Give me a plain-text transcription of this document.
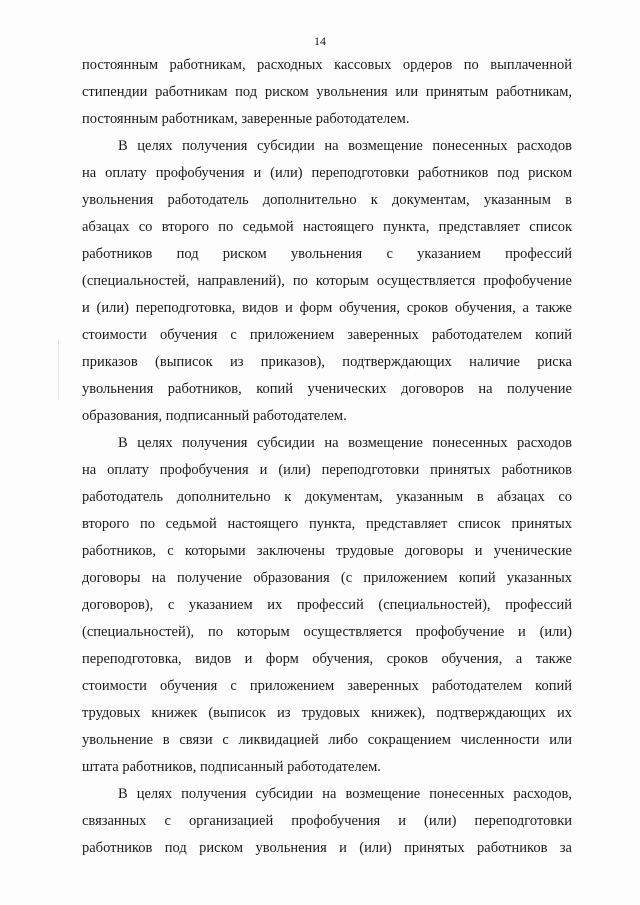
14

постоянным работникам, расходных кассовых ордеров по выплаченной

стипендии работникам под риском увольнения или принятым работникам,

постоянным работникам, заверенные работодателем.

В целях получения субсидии на возмещение понесенных расходов

на оплату профобучения и (или) переподготовки работников под риском

увольнения работодатель дополнительно к документам, указанным в

абзацах со второго по седьмой настоящего пункта, представляет список

работников под риском увольнения с указанием профессий

(специальностей, направлений), по которым осуществляется профобучение

и (или) переподготовка, видов и форм обучения, сроков обучения, а также

стоимости обучения с приложением заверенных работодателем копий

приказов (выписок из приказов), подтверждающих наличие риска

увольнения работников, копий ученических договоров на получение

образования, подписанный работодателем.

В целях получения субсидии на возмещение понесенных расходов

на оплату профобучения и (или) переподготовки принятых работников

работодатель дополнительно к документам, указанным в абзацах со

второго по седьмой настоящего пункта, представляет список принятых

работников, с которыми заключены трудовые договоры и ученические

договоры на получение образования (с приложением копий указанных

договоров), с указанием их профессий (специальностей), профессий

(специальностей), по которым осуществляется профобучение и (или)

переподготовка, видов и форм обучения, сроков обучения, а также

стоимости обучения с приложением заверенных работодателем копий

трудовых книжек (выписок из трудовых книжек), подтверждающих их

увольнение в связи с ликвидацией либо сокращением численности или

штата работников, подписанный работодателем.

В целях получения субсидии на возмещение понесенных расходов,

связанных с организацией профобучения и (или) переподготовки

работников под риском увольнения и (или) принятых работников за
